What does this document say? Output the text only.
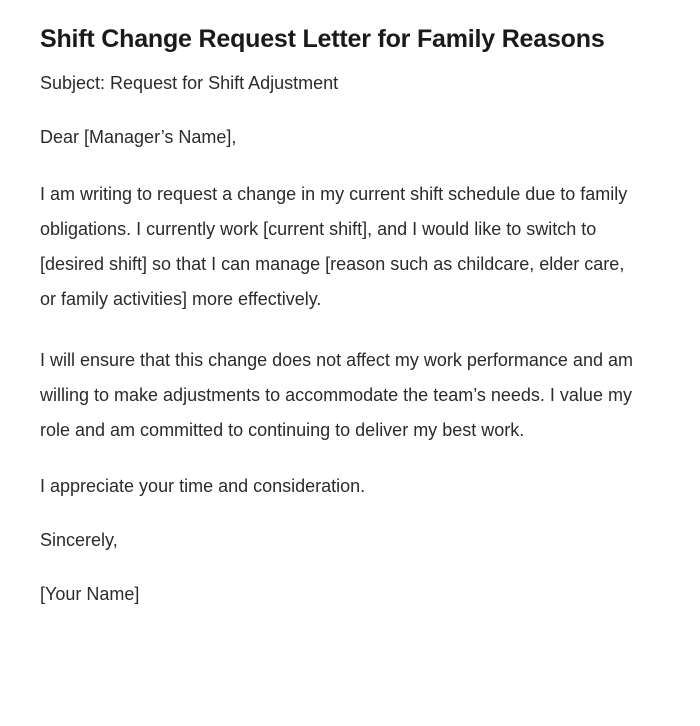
Shift Change Request Letter for Family Reasons

Subject: Request for Shift Adjustment

Dear [Manager’s Name],

I am writing to request a change in my current shift schedule due to family obligations. I currently work [current shift], and I would like to switch to [desired shift] so that I can manage [reason such as childcare, elder care, or family activities] more effectively.

I will ensure that this change does not affect my work performance and am willing to make adjustments to accommodate the team’s needs. I value my role and am committed to continuing to deliver my best work.

I appreciate your time and consideration.

Sincerely,

[Your Name]
